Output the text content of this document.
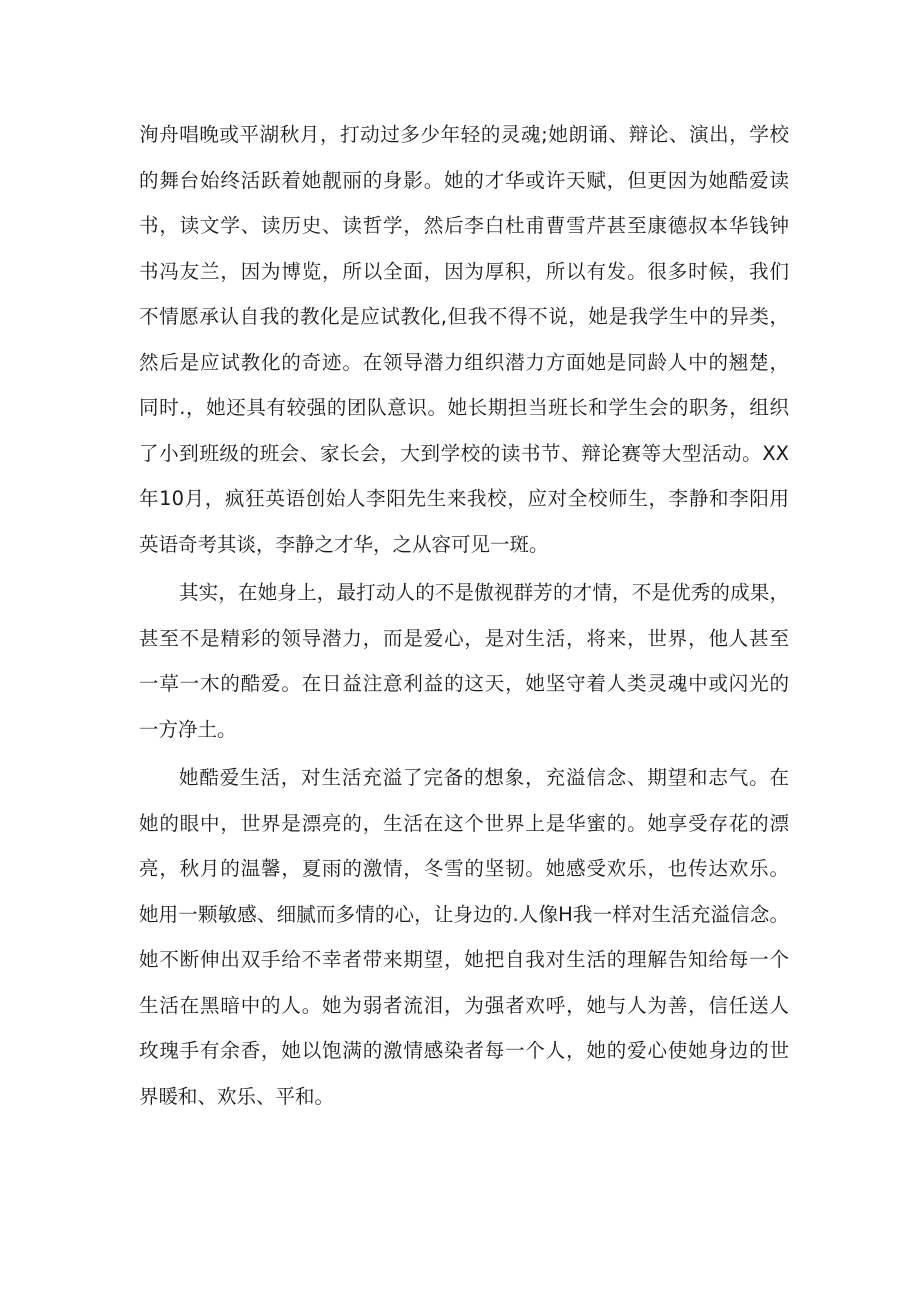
洵舟唱晚或平湖秋月，打动过多少年轻的灵魂;她朗诵、辩论、演出，学校
的舞台始终活跃着她靓丽的身影。她的才华或许天赋，但更因为她酷爱读
书，读文学、读历史、读哲学，然后李白杜甫曹雪芹甚至康德叔本华钱钟
书冯友兰，因为博览，所以全面，因为厚积，所以有发。很多时候，我们
不情愿承认自我的教化是应试教化,但我不得不说，她是我学生中的异类，
然后是应试教化的奇迹。在领导潜力组织潜力方面她是同龄人中的翘楚，
同时.，她还具有较强的团队意识。她长期担当班长和学生会的职务，组织
了小到班级的班会、家长会，大到学校的读书节、辩论赛等大型活动。XX
年10月，疯狂英语创始人李阳先生来我校，应对全校师生，李静和李阳用
英语奇考其谈，李静之才华，之从容可见一斑。
其实，在她身上，最打动人的不是傲视群芳的才情，不是优秀的成果，
甚至不是精彩的领导潜力，而是爱心，是对生活，将来，世界，他人甚至
一草一木的酷爱。在日益注意利益的这天，她坚守着人类灵魂中或闪光的
一方净土。
她酷爱生活，对生活充溢了完备的想象，充溢信念、期望和志气。在
她的眼中，世界是漂亮的，生活在这个世界上是华蜜的。她享受存花的漂
亮，秋月的温馨，夏雨的激情，冬雪的坚韧。她感受欢乐，也传达欢乐。
她用一颗敏感、细腻而多情的心，让身边的.人像H我一样对生活充溢信念。
她不断伸出双手给不幸者带来期望，她把自我对生活的理解告知给每一个
生活在黑暗中的人。她为弱者流泪，为强者欢呼，她与人为善，信任送人
玫瑰手有余香，她以饱满的激情感染者每一个人，她的爱心使她身边的世
界暖和、欢乐、平和。
